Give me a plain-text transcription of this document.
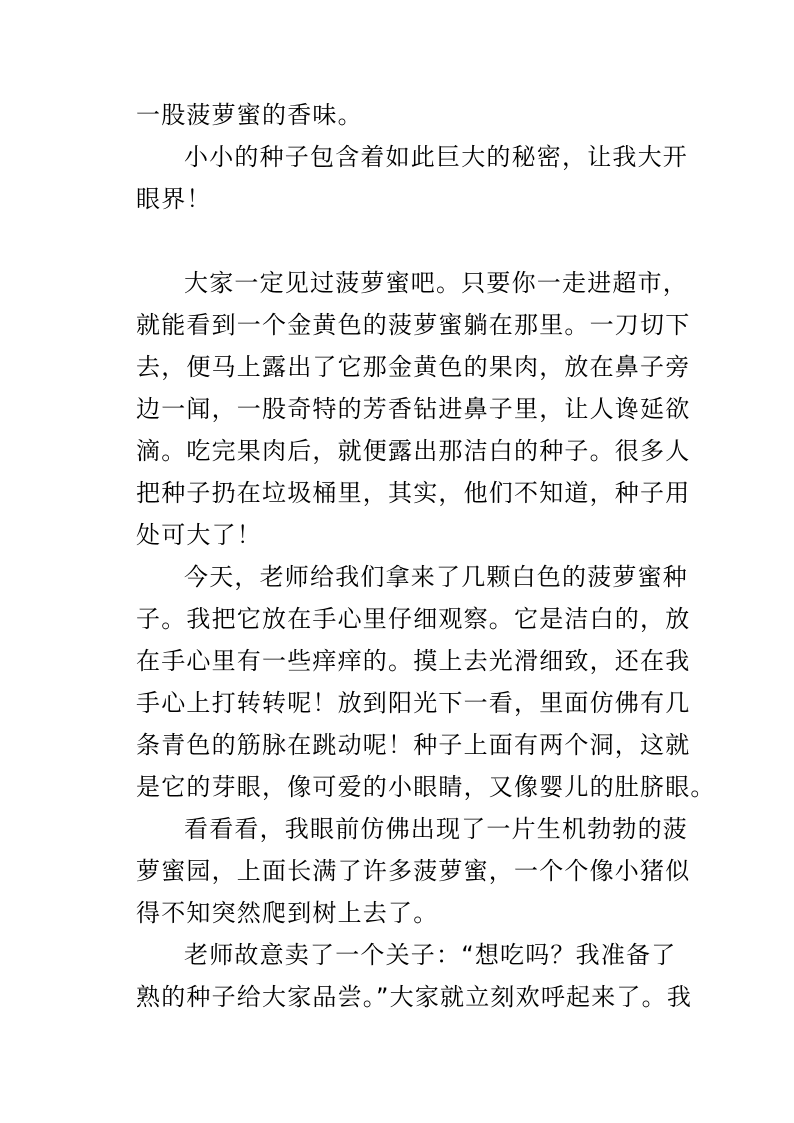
一股菠萝蜜的香味。
小小的种子包含着如此巨大的秘密，让我大开
眼界！
大家一定见过菠萝蜜吧。只要你一走进超市，
就能看到一个金黄色的菠萝蜜躺在那里。一刀切下
去，便马上露出了它那金黄色的果肉，放在鼻子旁
边一闻，一股奇特的芳香钻进鼻子里，让人谗延欲
滴。吃完果肉后，就便露出那洁白的种子。很多人
把种子扔在垃圾桶里，其实，他们不知道，种子用
处可大了！
今天，老师给我们拿来了几颗白色的菠萝蜜种
子。我把它放在手心里仔细观察。它是洁白的，放
在手心里有一些痒痒的。摸上去光滑细致，还在我
手心上打转转呢！放到阳光下一看，里面仿佛有几
条青色的筋脉在跳动呢！种子上面有两个洞，这就
是它的芽眼，像可爱的小眼睛，又像婴儿的肚脐眼。
看看看，我眼前仿佛出现了一片生机勃勃的菠
萝蜜园，上面长满了许多菠萝蜜，一个个像小猪似
得不知突然爬到树上去了。
老师故意卖了一个关子：“想吃吗？我准备了
熟的种子给大家品尝。”大家就立刻欢呼起来了。我
